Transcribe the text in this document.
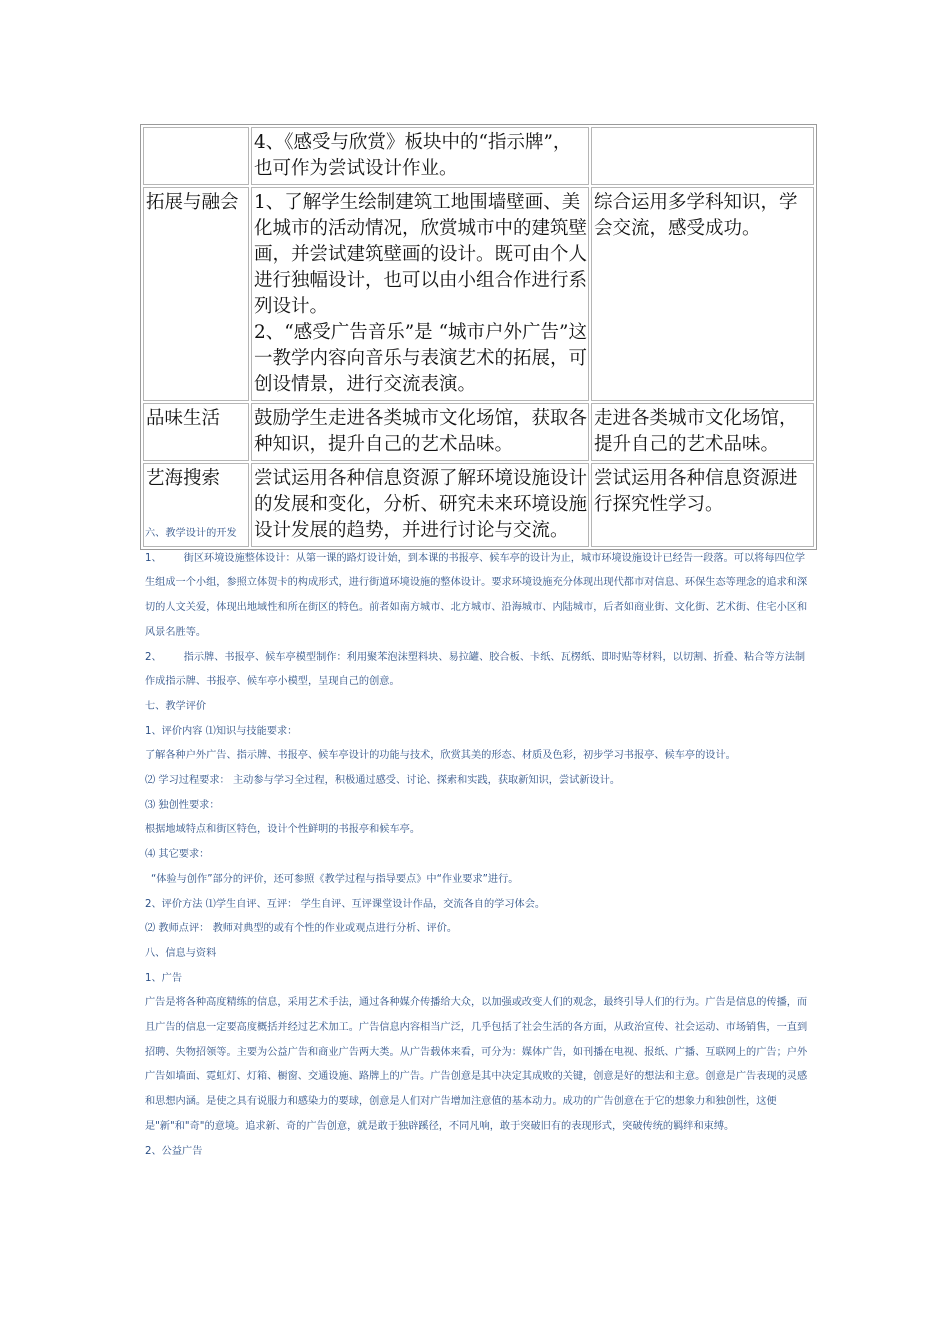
	4、《感受与欣赏》板块中的“指示牌”，也可作为尝试设计作业。	

拓展与融会	1、了解学生绘制建筑工地围墙壁画、美化城市的活动情况，欣赏城市中的建筑壁画，并尝试建筑壁画的设计。既可由个人进行独幅设计，也可以由小组合作进行系列设计。
2、“感受广告音乐”是 “城市户外广告”这一教学内容向音乐与表演艺术的拓展，可创设情景，进行交流表演。	综合运用多学科知识，学会交流，感受成功。
品味生活	鼓励学生走进各类城市文化场馆，获取各种知识，提升自己的艺术品味。	走进各类城市文化场馆，提升自己的艺术品味。
艺海搜索	尝试运用各种信息资源了解环境设施设计的发展和变化，分析、研究未来环境设施设计发展的趋势，并进行讨论与交流。	尝试运用各种信息资源进行探究性学习。

六、教学设计的开发

1、 街区环境设施整体设计：从第一课的路灯设计始，到本课的书报亭、候车亭的设计为止，城市环境设施设计已经告一段落。可以将每四位学生组成一个小组，参照立体贺卡的构成形式，进行街道环境设施的整体设计。要求环境设施充分体现出现代都市对信息、环保生态等理念的追求和深切的人文关爱，体现出地域性和所在街区的特色。前者如南方城市、北方城市、沿海城市、内陆城市，后者如商业街、文化街、艺术街、住宅小区和风景名胜等。

2、 指示牌、书报亭、候车亭模型制作：利用聚苯泡沫塑料块、易拉罐、胶合板、卡纸、瓦楞纸、即时贴等材料，以切割、折叠、粘合等方法制作成指示牌、书报亭、候车亭小模型，呈现自己的创意。

七、教学评价

1、评价内容 ⑴知识与技能要求：

了解各种户外广告、指示牌、书报亭、候车亭设计的功能与技术，欣赏其美的形态、材质及色彩，初步学习书报亭、候车亭的设计。

⑵ 学习过程要求： 主动参与学习全过程，积极通过感受、讨论、探索和实践，获取新知识，尝试新设计。

⑶ 独创性要求：

根据地域特点和街区特色，设计个性鲜明的书报亭和候车亭。

⑷ 其它要求：

“体验与创作”部分的评价，还可参照《教学过程与指导要点》中“作业要求”进行。

2、评价方法 ⑴学生自评、互评： 学生自评、互评课堂设计作品，交流各自的学习体会。

⑵ 教师点评： 教师对典型的或有个性的作业或观点进行分析、评价。

八、信息与资料

1、广告

广告是将各种高度精练的信息，采用艺术手法，通过各种媒介传播给大众，以加强或改变人们的观念，最终引导人们的行为。广告是信息的传播，而且广告的信息一定要高度概括并经过艺术加工。广告信息内容相当广泛，几乎包括了社会生活的各方面，从政治宣传、社会运动、市场销售，一直到招聘、失物招领等。主要为公益广告和商业广告两大类。从广告载体来看，可分为：媒体广告，如刊播在电视、报纸、广播、互联网上的广告；户外广告如墙面、霓虹灯、灯箱、橱窗、交通设施、路牌上的广告。广告创意是其中决定其成败的关键，创意是好的想法和主意。创意是广告表现的灵感和思想内涵。是使之具有说服力和感染力的要球，创意是人们对广告增加注意值的基本动力。成功的广告创意在于它的想象力和独创性，这便是"新"和"奇"的意境。追求新、奇的广告创意，就是敢于独辟蹊径，不同凡响，敢于突破旧有的表现形式，突破传统的羁绊和束缚。

2、公益广告
